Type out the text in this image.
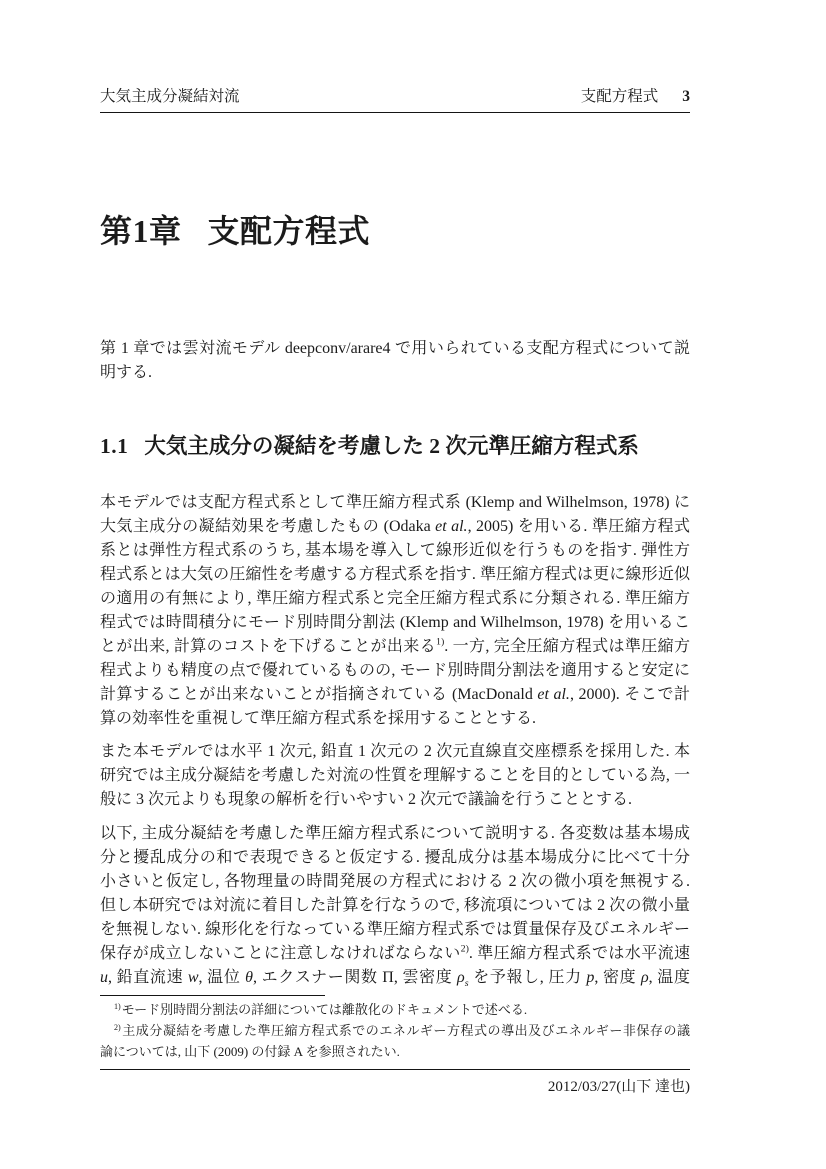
大気主成分凝結対流	支配方程式 3
第1章 支配方程式
第 1 章では雲対流モデル deepconv/arare4 で用いられている支配方程式について説
明する.
1.1 大気主成分の凝結を考慮した 2 次元準圧縮方程式系
本モデルでは支配方程式系として準圧縮方程式系 (Klemp and Wilhelmson, 1978) に
大気主成分の凝結効果を考慮したもの (Odaka et al., 2005) を用いる. 準圧縮方程式
系とは弾性方程式系のうち, 基本場を導入して線形近似を行うものを指す. 弾性方
程式系とは大気の圧縮性を考慮する方程式系を指す. 準圧縮方程式は更に線形近似
の適用の有無により, 準圧縮方程式系と完全圧縮方程式系に分類される. 準圧縮方
程式では時間積分にモード別時間分割法 (Klemp and Wilhelmson, 1978) を用いるこ
とが出来, 計算のコストを下げることが出来る$^{1)}$. 一方, 完全圧縮方程式は準圧縮方
程式よりも精度の点で優れているものの, モード別時間分割法を適用すると安定に
計算することが出来ないことが指摘されている (MacDonald et al., 2000). そこで計
算の効率性を重視して準圧縮方程式系を採用することとする.
また本モデルでは水平 1 次元, 鉛直 1 次元の 2 次元直線直交座標系を採用した. 本
研究では主成分凝結を考慮した対流の性質を理解することを目的としている為, 一
般に 3 次元よりも現象の解析を行いやすい 2 次元で議論を行うこととする.
以下, 主成分凝結を考慮した準圧縮方程式系について説明する. 各変数は基本場成
分と擾乱成分の和で表現できると仮定する. 擾乱成分は基本場成分に比べて十分
小さいと仮定し, 各物理量の時間発展の方程式における 2 次の微小項を無視する.
但し本研究では対流に着目した計算を行なうので, 移流項については 2 次の微小量
を無視しない. 線形化を行なっている準圧縮方程式系では質量保存及びエネルギー
保存が成立しないことに注意しなければならない$^{2)}$. 準圧縮方程式系では水平流速
u, 鉛直流速 w, 温位 θ, エクスナー関数 Π, 雲密度 $\rho_s$ を予報し, 圧力 p, 密度 ρ, 温度
$^{1)}$モード別時間分割法の詳細については離散化のドキュメントで述べる.
$^{2)}$主成分凝結を考慮した準圧縮方程式系でのエネルギー方程式の導出及びエネルギー非保存の議
論については, 山下 (2009) の付録 A を参照されたい.
2012/03/27(山下 達也)
